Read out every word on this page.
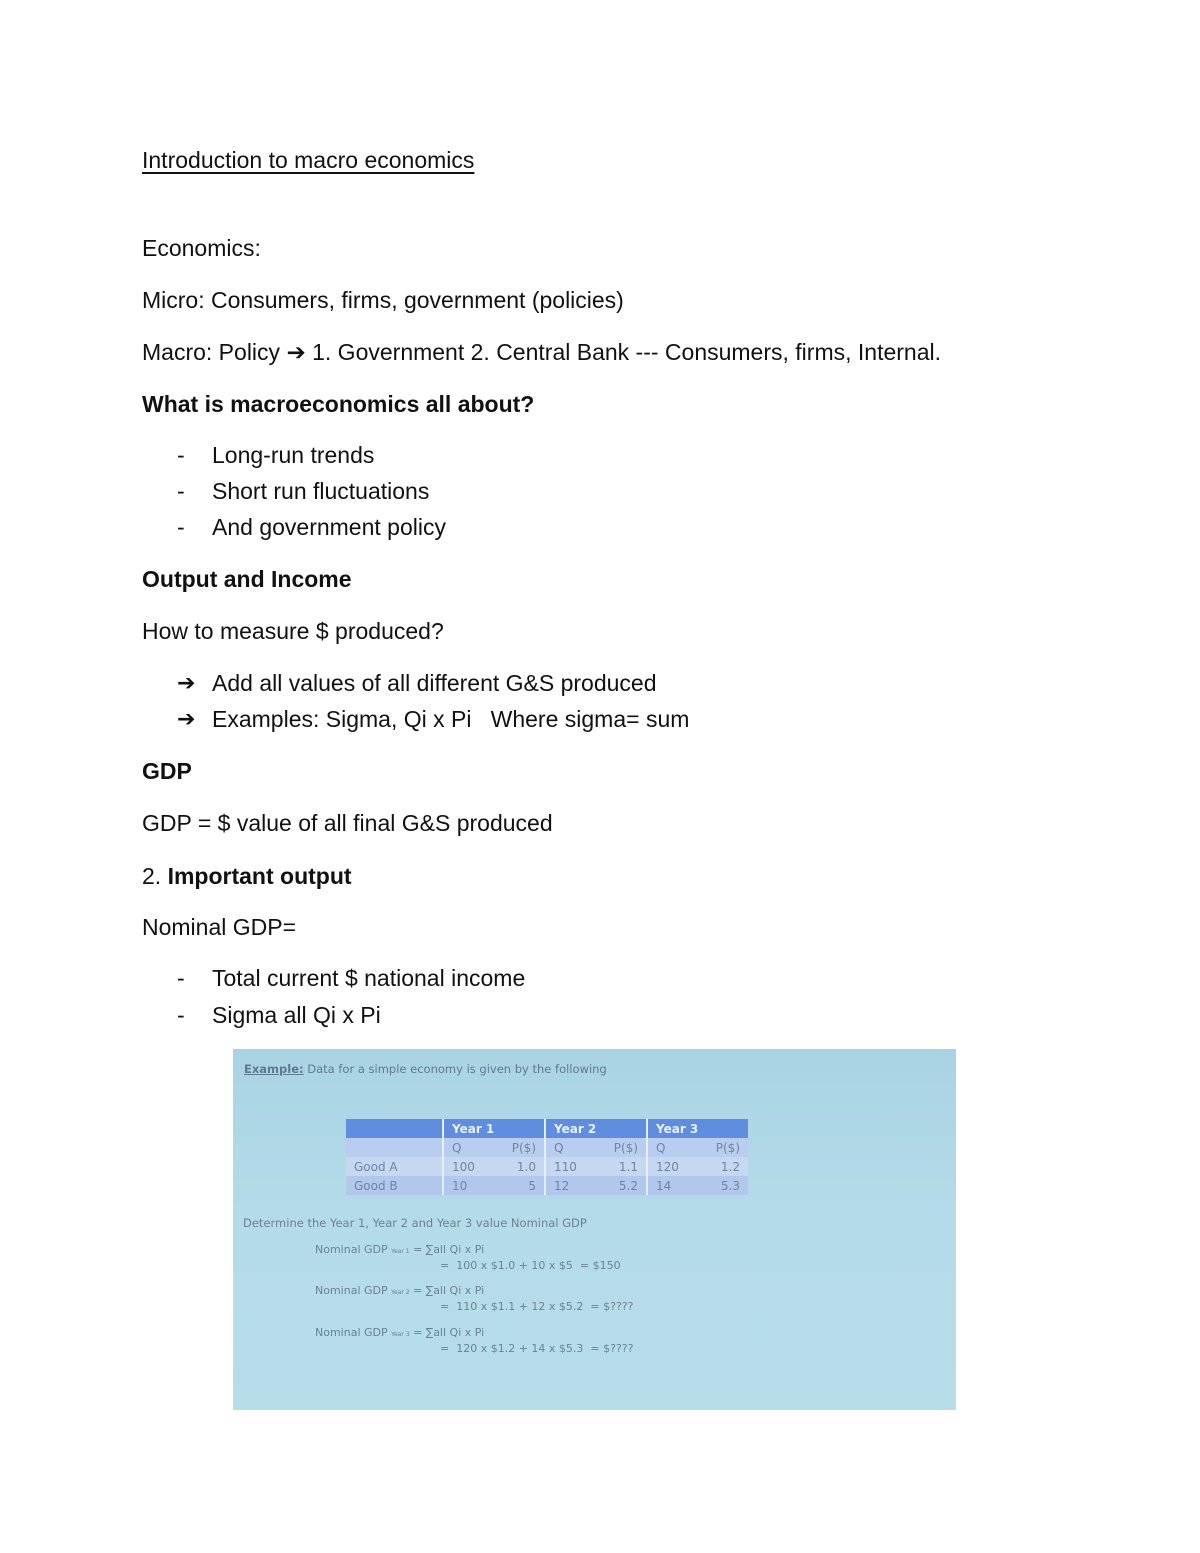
Introduction to macro economics
Economics:
Micro: Consumers, firms, government (policies)
Macro: Policy ➔ 1. Government 2. Central Bank --- Consumers, firms, Internal.
What is macroeconomics all about?
- Long-run trends
- Short run fluctuations
- And government policy
Output and Income
How to measure $ produced?
➔ Add all values of all different G&S produced
➔ Examples: Sigma, Qi x Pi   Where sigma= sum
GDP
GDP = $ value of all final G&S produced
2. Important output
Nominal GDP=
- Total current $ national income
- Sigma all Qi x Pi
Example: Data for a simple economy is given by the following
	Year 1		Year 2		Year 3	
	Q	P($)	Q	P($)	Q	P($)
Good A	100	1.0	110	1.1	120	1.2
Good B	10	5	12	5.2	14	5.3
Determine the Year 1, Year 2 and Year 3 value Nominal GDP
Nominal GDP Year 1 = ∑all Qi x Pi
=  100 x $1.0 + 10 x $5  = $150
Nominal GDP Year 2 = ∑all Qi x Pi
=  110 x $1.1 + 12 x $5.2  = $????
Nominal GDP Year 3 = ∑all Qi x Pi
=  120 x $1.2 + 14 x $5.3  = $????
